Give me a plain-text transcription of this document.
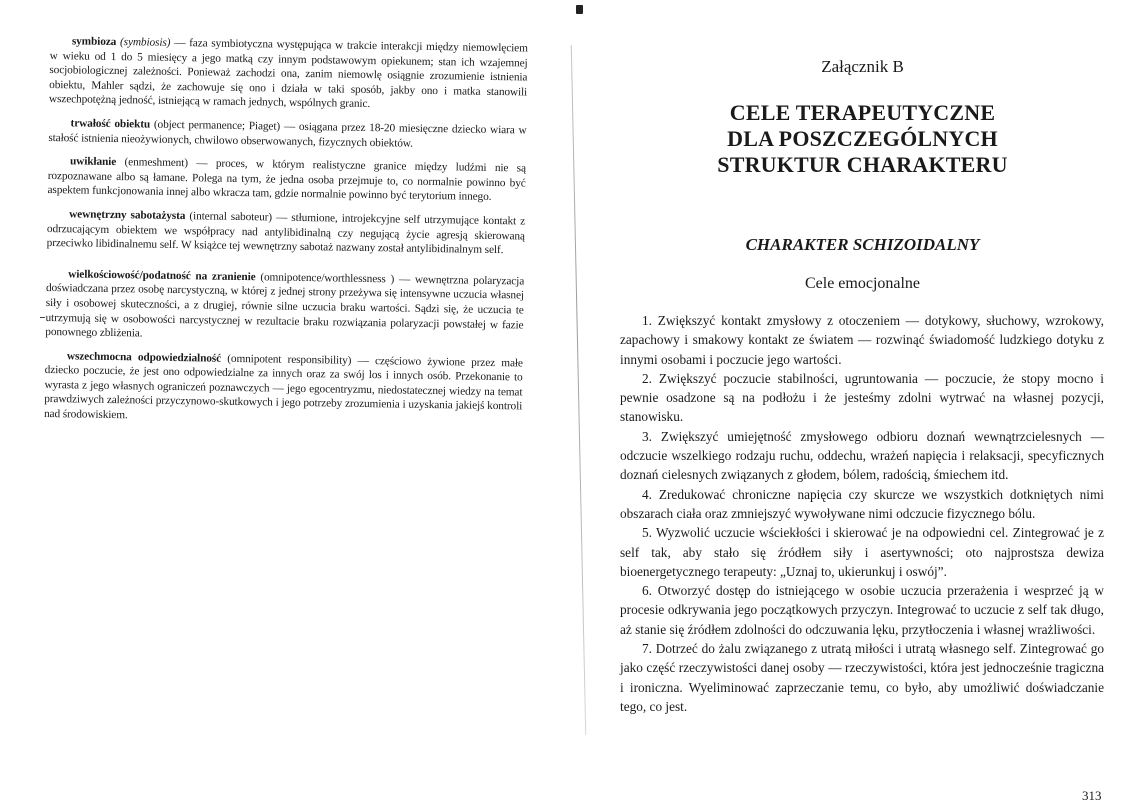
symbioza (symbiosis) — faza symbiotyczna występująca w trakcie interakcji między niemowlęciem w wieku od 1 do 5 miesięcy a jego matką czy innym podstawowym opiekunem; stan ich wzajemnej socjobiologicznej zależności. Ponieważ zachodzi ona, zanim niemowlę osiągnie zrozumienie istnienia obiektu, Mahler sądzi, że zachowuje się ono i działa w taki sposób, jakby ono i matka stanowili wszechpotężną jedność, istniejącą w ramach jednych, wspólnych granic.

trwałość obiektu (object permanence; Piaget) — osiągana przez 18-20 miesięczne dziecko wiara w stałość istnienia nieożywionych, chwilowo obserwowanych, fizycznych obiektów.

uwikłanie (enmeshment) — proces, w którym realistyczne granice między ludźmi nie są rozpoznawane albo są łamane. Polega na tym, że jedna osoba przejmuje to, co normalnie powinno być aspektem funkcjonowania innej albo wkracza tam, gdzie normalnie powinno być terytorium innego.

wewnętrzny sabotażysta (internal saboteur) — stłumione, introjekcyjne self utrzymujące kontakt z odrzucającym obiektem we współpracy nad antylibidinalną czy negującą życie agresją skierowaną przeciwko libidinalnemu self. W książce tej wewnętrzny sabotaż nazwany został antylibidinalnym self.

wielkościowość/podatność na zranienie (omnipotence/worthlessness ) — wewnętrzna polaryzacja doświadczana przez osobę narcystyczną, w której z jednej strony przeżywa się intensywne uczucia własnej siły i osobowej skuteczności, a z drugiej, równie silne uczucia braku wartości. Sądzi się, że uczucia te utrzymują się w osobowości narcystycznej w rezultacie braku rozwiązania polaryzacji powstałej w fazie ponownego zbliżenia.

wszechmocna odpowiedzialność (omnipotent responsibility) — częściowo żywione przez małe dziecko poczucie, że jest ono odpowiedzialne za innych oraz za swój los i innych osób. Przekonanie to wyrasta z jego własnych ograniczeń poznawczych — jego egocentryzmu, niedostatecznej wiedzy na temat prawdziwych zależności przyczynowo-skutkowych i jego potrzeby zrozumienia i uzyskania jakiejś kontroli nad środowiskiem.

Załącznik B
CELE TERAPEUTYCZNE
DLA POSZCZEGÓLNYCH
STRUKTUR CHARAKTERU
CHARAKTER SCHIZOIDALNY
Cele emocjonalne

1. Zwiększyć kontakt zmysłowy z otoczeniem — dotykowy, słuchowy, wzrokowy, zapachowy i smakowy kontakt ze światem — rozwinąć świadomość ludzkiego dotyku z innymi osobami i poczucie jego wartości.

2. Zwiększyć poczucie stabilności, ugruntowania — poczucie, że stopy mocno i pewnie osadzone są na podłożu i że jesteśmy zdolni wytrwać na własnej pozycji, stanowisku.

3. Zwiększyć umiejętność zmysłowego odbioru doznań wewnątrzcielesnych — odczucie wszelkiego rodzaju ruchu, oddechu, wrażeń napięcia i relaksacji, specyficznych doznań cielesnych związanych z głodem, bólem, radością, śmiechem itd.

4. Zredukować chroniczne napięcia czy skurcze we wszystkich dotkniętych nimi obszarach ciała oraz zmniejszyć wywoływane nimi odczucie fizycznego bólu.

5. Wyzwolić uczucie wściekłości i skierować je na odpowiedni cel. Zintegrować je z self tak, aby stało się źródłem siły i asertywności; oto najprostsza dewiza bioenergetycznego terapeuty: „Uznaj to, ukierunkuj i oswój”.

6. Otworzyć dostęp do istniejącego w osobie uczucia przerażenia i wesprzeć ją w procesie odkrywania jego początkowych przyczyn. Integrować to uczucie z self tak długo, aż stanie się źródłem zdolności do odczuwania lęku, przytłoczenia i własnej wrażliwości.

7. Dotrzeć do żalu związanego z utratą miłości i utratą własnego self. Zintegrować go jako część rzeczywistości danej osoby — rzeczywistości, która jest jednocześnie tragiczna i ironiczna. Wyeliminować zaprzeczanie temu, co było, aby umożliwić doświadczanie tego, co jest.

313
